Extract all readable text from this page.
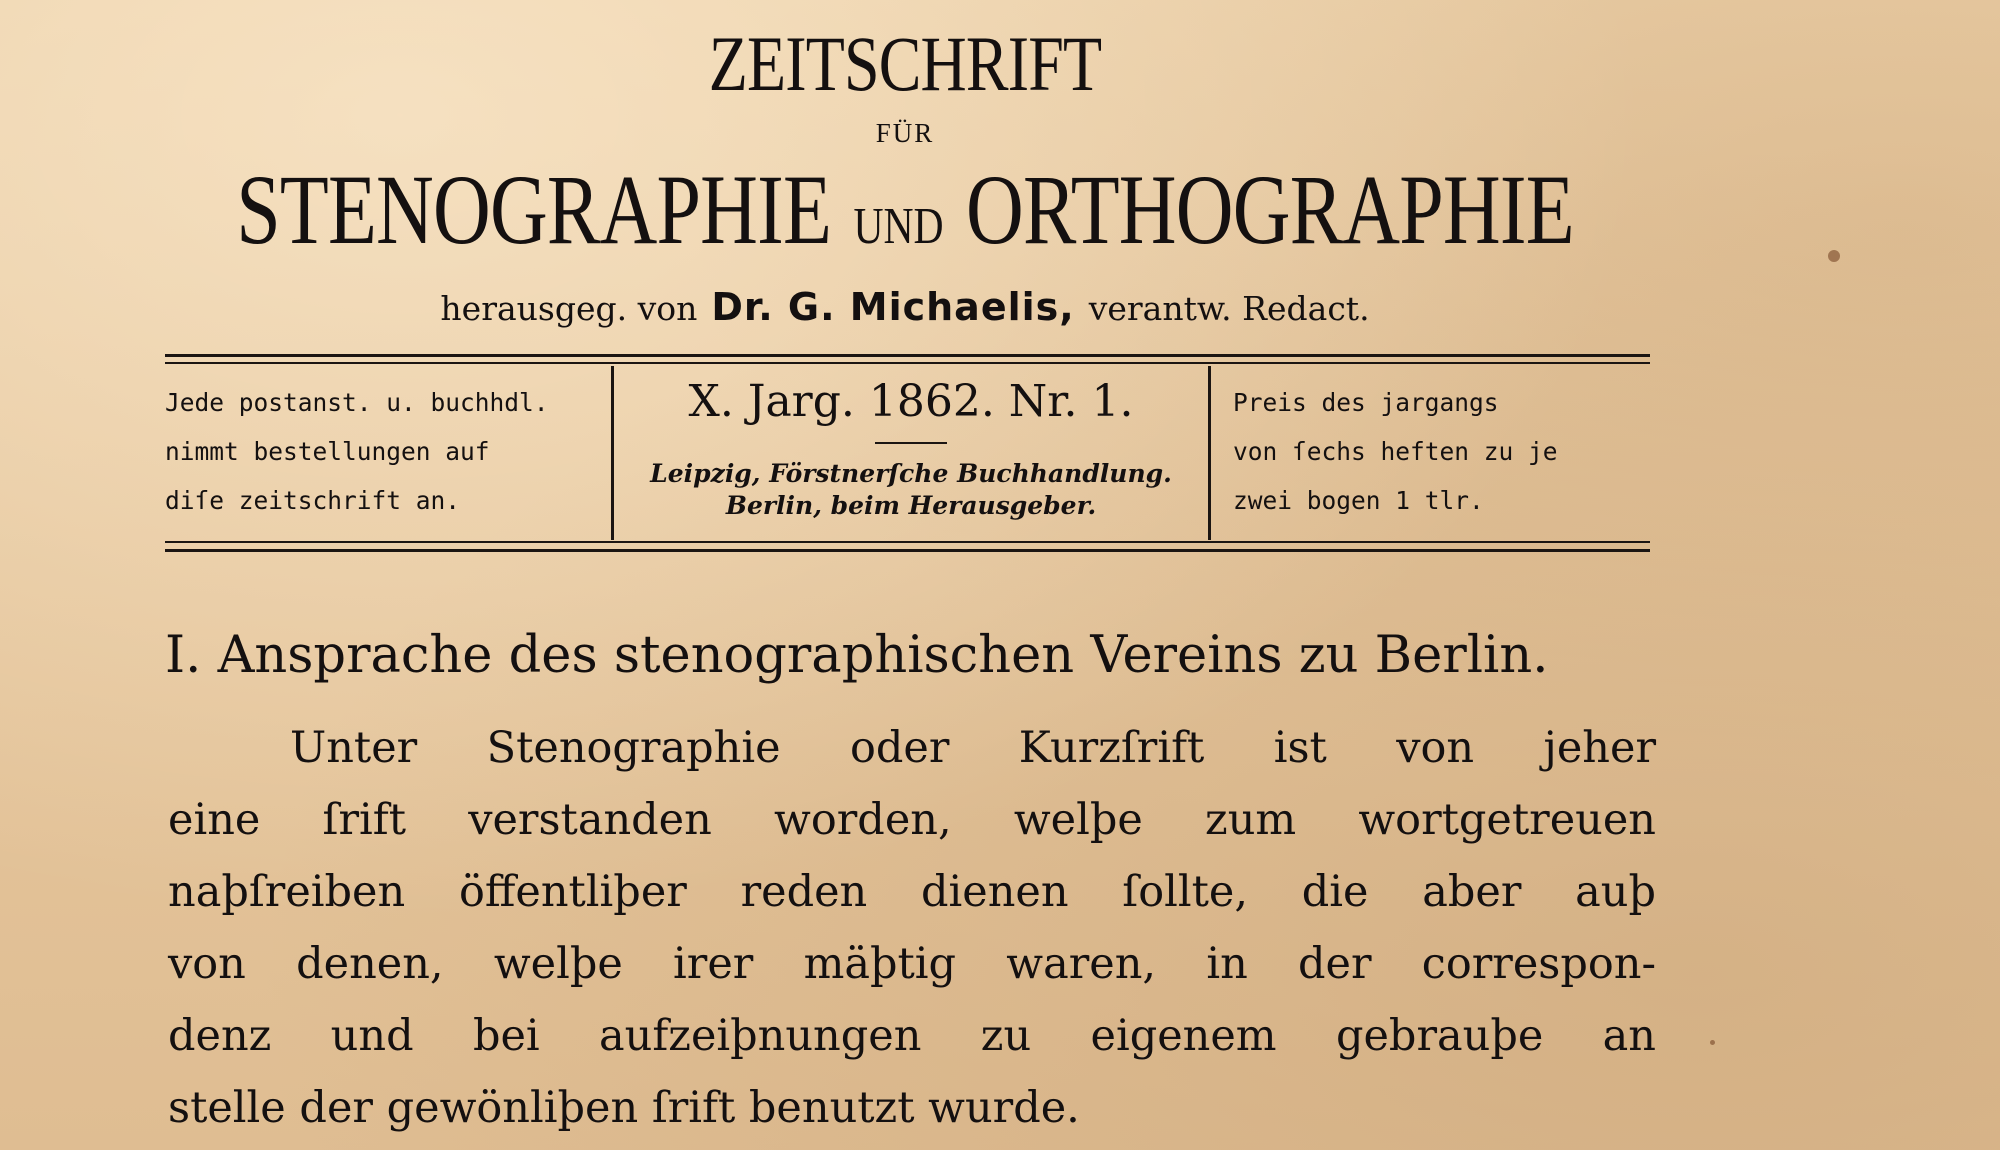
ZEITSCHRIFT
FÜR
STENOGRAPHIE UND ORTHOGRAPHIE
herausgeg. von Dr. G. Michaelis, verantw. Redact.
Jede postanst. u. buchhdl.
nimmt bestellungen auf
diſe zeitschrift an.
X. Jarg. 1862. Nr. 1.
Leipzig, Förstnerſche Buchhandlung.
Berlin, beim Herausgeber.
Preis des jargangs
von ſechs heften zu je
zwei bogen 1 tlr.
I. Ansprache des stenographischen Vereins zu Berlin.
Unter Stenographie oder Kurzſrift ist von jeher
eine ſrift verstanden worden, welþe zum wortgetreuen
naþſreiben öffentliþer reden dienen ſollte, die aber auþ
von denen, welþe irer mäþtig waren, in der correspon-
denz und bei aufzeiþnungen zu eigenem gebrauþe an
stelle der gewönliþen ſrift benutzt wurde.
